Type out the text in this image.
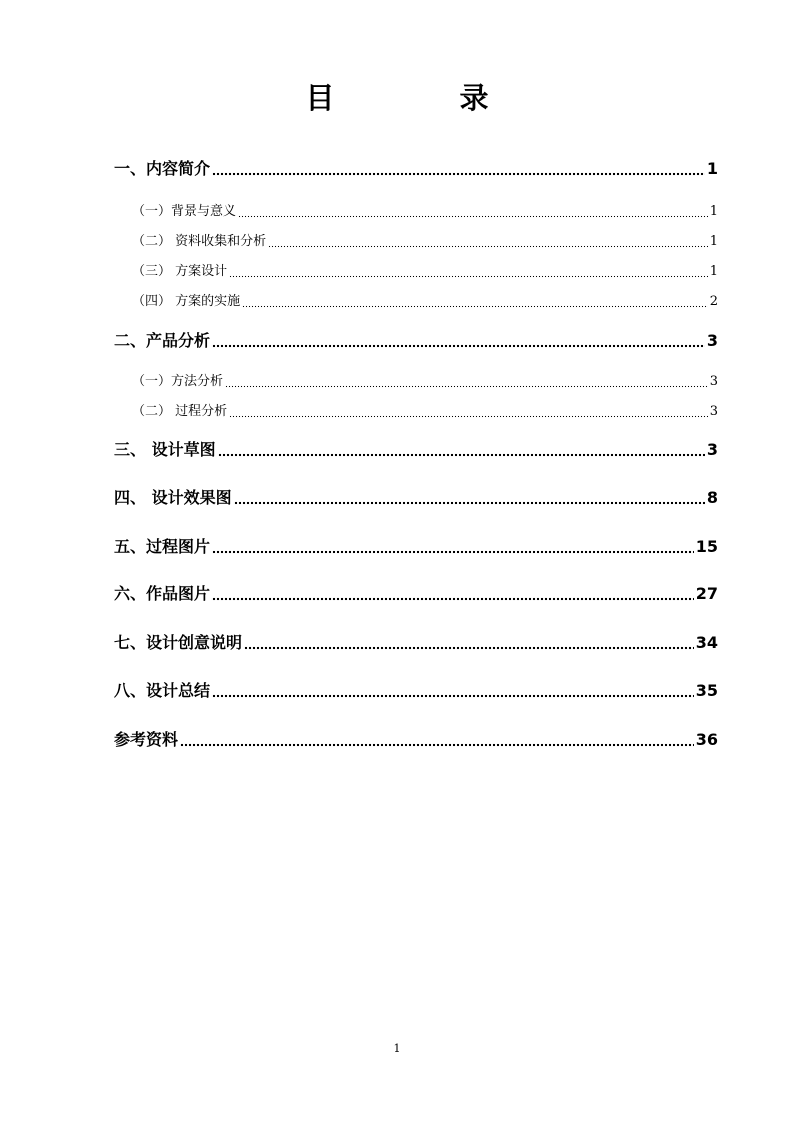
目　录
一、内容简介	1
（一）背景与意义	1
（二） 资料收集和分析	1
（三） 方案设计	1
（四） 方案的实施	2
二、产品分析	3
（一）方法分析	3
（二） 过程分析	3
三、 设计草图	3
四、 设计效果图	8
五、过程图片	15
六、作品图片	27
七、设计创意说明	34
八、设计总结	35
参考资料	36
1
